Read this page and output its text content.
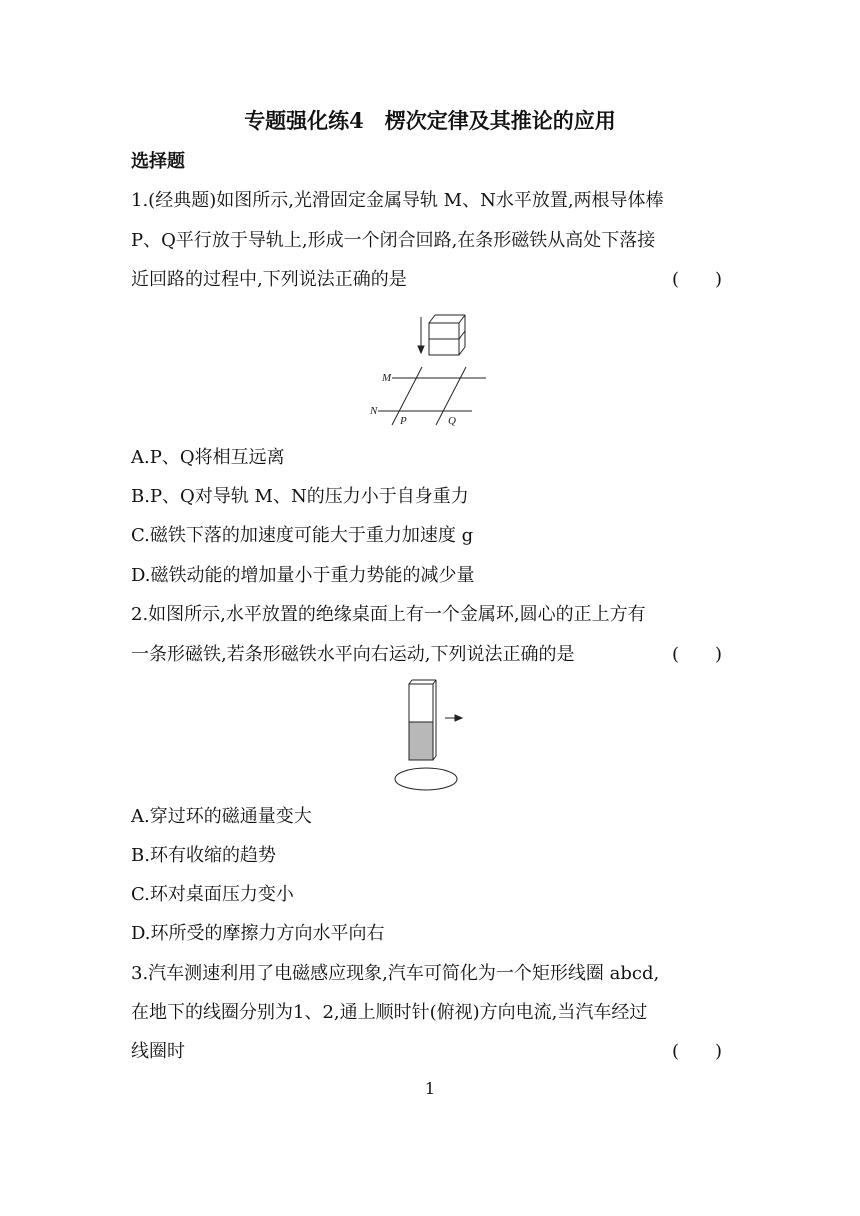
专题强化练4　楞次定律及其推论的应用
选择题
1.(经典题)如图所示,光滑固定金属导轨 M、N水平放置,两根导体棒
P、Q平行放于导轨上,形成一个闭合回路,在条形磁铁从高处下落接
近回路的过程中,下列说法正确的是	(  )
M
N
P	Q
A.P、Q将相互远离
B.P、Q对导轨 M、N的压力小于自身重力
C.磁铁下落的加速度可能大于重力加速度 g
D.磁铁动能的增加量小于重力势能的减少量
2.如图所示,水平放置的绝缘桌面上有一个金属环,圆心的正上方有
一条形磁铁,若条形磁铁水平向右运动,下列说法正确的是	(  )
A.穿过环的磁通量变大
B.环有收缩的趋势
C.环对桌面压力变小
D.环所受的摩擦力方向水平向右
3.汽车测速利用了电磁感应现象,汽车可简化为一个矩形线圈 abcd,
在地下的线圈分别为1、2,通上顺时针(俯视)方向电流,当汽车经过
线圈时	(  )
1
